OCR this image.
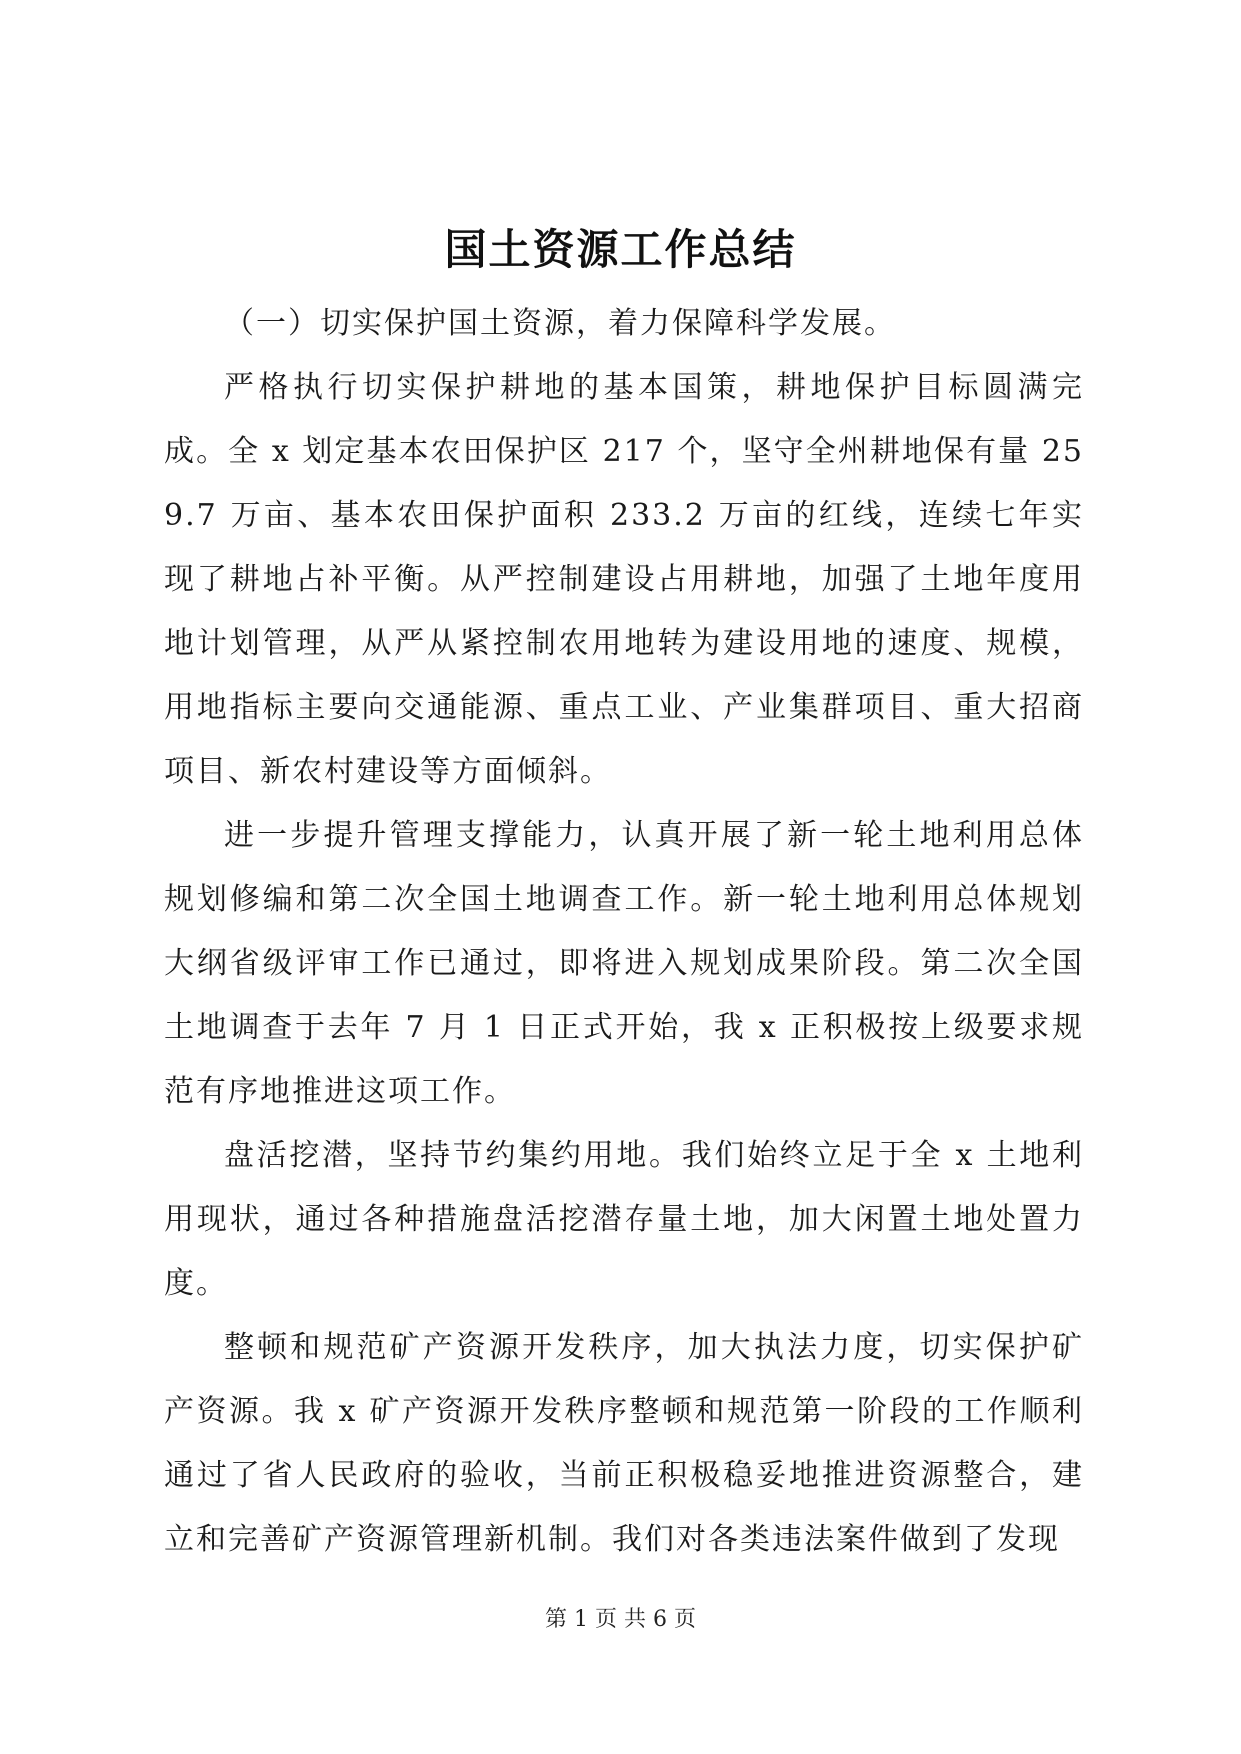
国土资源工作总结

（一）切实保护国土资源，着力保障科学发展。

严格执行切实保护耕地的基本国策，耕地保护目标圆满完成。全 x 划定基本农田保护区 217 个，坚守全州耕地保有量 259.7 万亩、基本农田保护面积 233.2 万亩的红线，连续七年实现了耕地占补平衡。从严控制建设占用耕地，加强了土地年度用地计划管理，从严从紧控制农用地转为建设用地的速度、规模，用地指标主要向交通能源、重点工业、产业集群项目、重大招商项目、新农村建设等方面倾斜。

进一步提升管理支撑能力，认真开展了新一轮土地利用总体规划修编和第二次全国土地调查工作。新一轮土地利用总体规划大纲省级评审工作已通过，即将进入规划成果阶段。第二次全国土地调查于去年 7 月 1 日正式开始，我 x 正积极按上级要求规范有序地推进这项工作。

盘活挖潜，坚持节约集约用地。我们始终立足于全 x 土地利用现状，通过各种措施盘活挖潜存量土地，加大闲置土地处置力度。

整顿和规范矿产资源开发秩序，加大执法力度，切实保护矿产资源。我 x 矿产资源开发秩序整顿和规范第一阶段的工作顺利通过了省人民政府的验收，当前正积极稳妥地推进资源整合，建立和完善矿产资源管理新机制。我们对各类违法案件做到了发现

第 1 页 共 6 页
